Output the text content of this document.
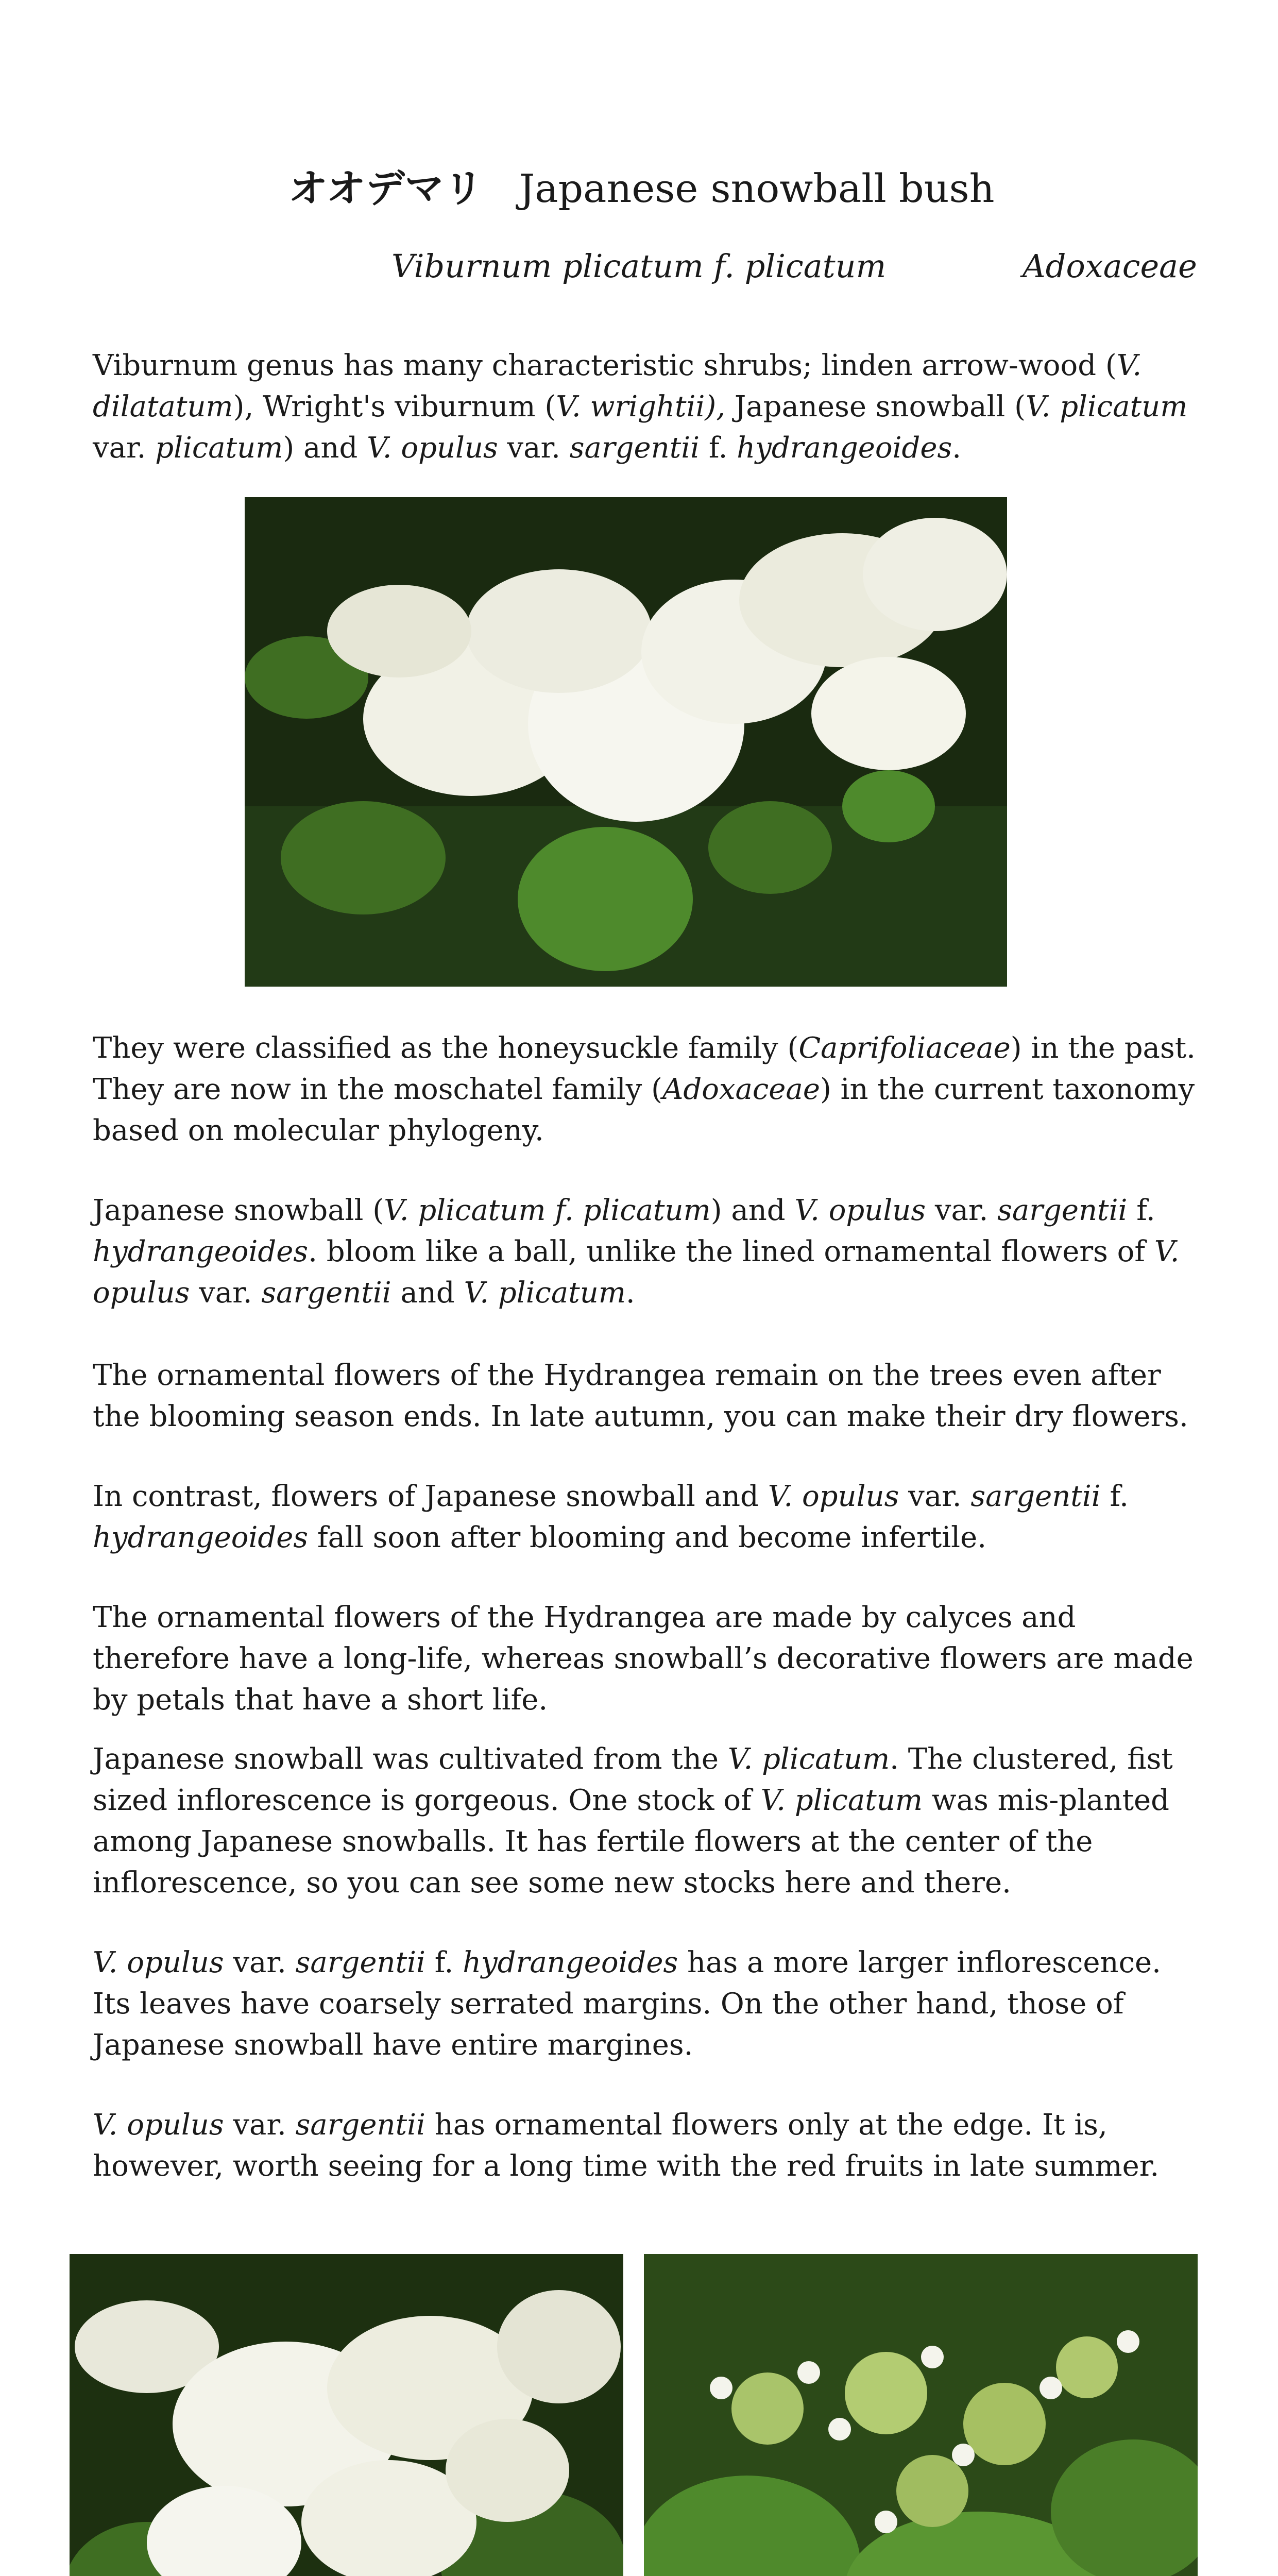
オオデマリ Japanese snowball bush
Viburnum plicatum f. plicatum	Adoxaceae

Viburnum genus has many characteristic shrubs; linden arrow-wood (V. dilatatum), Wright's viburnum (V. wrightii), Japanese snowball (V. plicatum var. plicatum) and V. opulus var. sargentii f. hydrangeoides.

They were classified as the honeysuckle family (Caprifoliaceae) in the past. They are now in the moschatel family (Adoxaceae) in the current taxonomy based on molecular phylogeny.

Japanese snowball (V. plicatum f. plicatum) and V. opulus var. sargentii f. hydrangeoides. bloom like a ball, unlike the lined ornamental flowers of V. opulus var. sargentii and V. plicatum.

The ornamental flowers of the Hydrangea remain on the trees even after the blooming season ends. In late autumn, you can make their dry flowers.

In contrast, flowers of Japanese snowball and V. opulus var. sargentii f. hydrangeoides fall soon after blooming and become infertile.

The ornamental flowers of the Hydrangea are made by calyces and therefore have a long-life, whereas snowball’s decorative flowers are made by petals that have a short life.

Japanese snowball was cultivated from the V. plicatum. The clustered, fist sized inflorescence is gorgeous. One stock of V. plicatum was mis-planted among Japanese snowballs. It has fertile flowers at the center of the inflorescence, so you can see some new stocks here and there.

V. opulus var. sargentii f. hydrangeoides has a more larger inflorescence. Its leaves have coarsely serrated margins. On the other hand, those of Japanese snowball have entire margines.

V. opulus var. sargentii has ornamental flowers only at the edge. It is, however, worth seeing for a long time with the red fruits in late summer.
